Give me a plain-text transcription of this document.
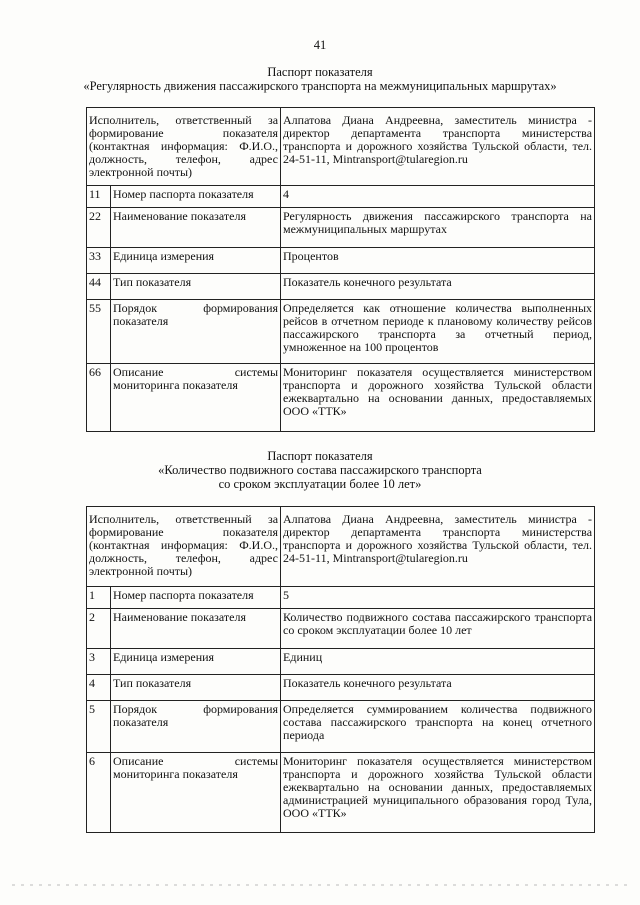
41
Паспорт показателя
«Регулярность движения пассажирского транспорта на межмуниципальных маршрутах»
Исполнитель, ответственный за формирование показателя (контактная информация: Ф.И.О., должность, телефон, адрес электронной почты)		Алпатова Диана Андреевна, заместитель министра - директор департамента транспорта министерства транспорта и дорожного хозяйства Тульской области, тел. 24-51-11, Mintransport@tularegion.ru
11	Номер паспорта показателя	4
22	Наименование показателя	Регулярность движения пассажирского транспорта на межмуниципальных маршрутах
33	Единица измерения	Процентов
44	Тип показателя	Показатель конечного результата
55	Порядок формирования показателя	Определяется как отношение количества выполненных рейсов в отчетном периоде к плановому количеству рейсов пассажирского транспорта за отчетный период, умноженное на 100 процентов
66	Описание системы мониторинга показателя	Мониторинг показателя осуществляется министерством транспорта и дорожного хозяйства Тульской области ежеквартально на основании данных, предоставляемых ООО «ТТК»
Паспорт показателя
«Количество подвижного состава пассажирского транспорта
со сроком эксплуатации более 10 лет»
Исполнитель, ответственный за формирование показателя (контактная информация: Ф.И.О., должность, телефон, адрес электронной почты)		Алпатова Диана Андреевна, заместитель министра - директор департамента транспорта министерства транспорта и дорожного хозяйства Тульской области, тел. 24-51-11, Mintransport@tularegion.ru
1	Номер паспорта показателя	5
2	Наименование показателя	Количество подвижного состава пассажирского транспорта со сроком эксплуатации более 10 лет
3	Единица измерения	Единиц
4	Тип показателя	Показатель конечного результата
5	Порядок формирования показателя	Определяется суммированием количества подвижного состава пассажирского транспорта на конец отчетного периода
6	Описание системы мониторинга показателя	Мониторинг показателя осуществляется министерством транспорта и дорожного хозяйства Тульской области ежеквартально на основании данных, предоставляемых администрацией муниципального образования город Тула, ООО «ТТК»
